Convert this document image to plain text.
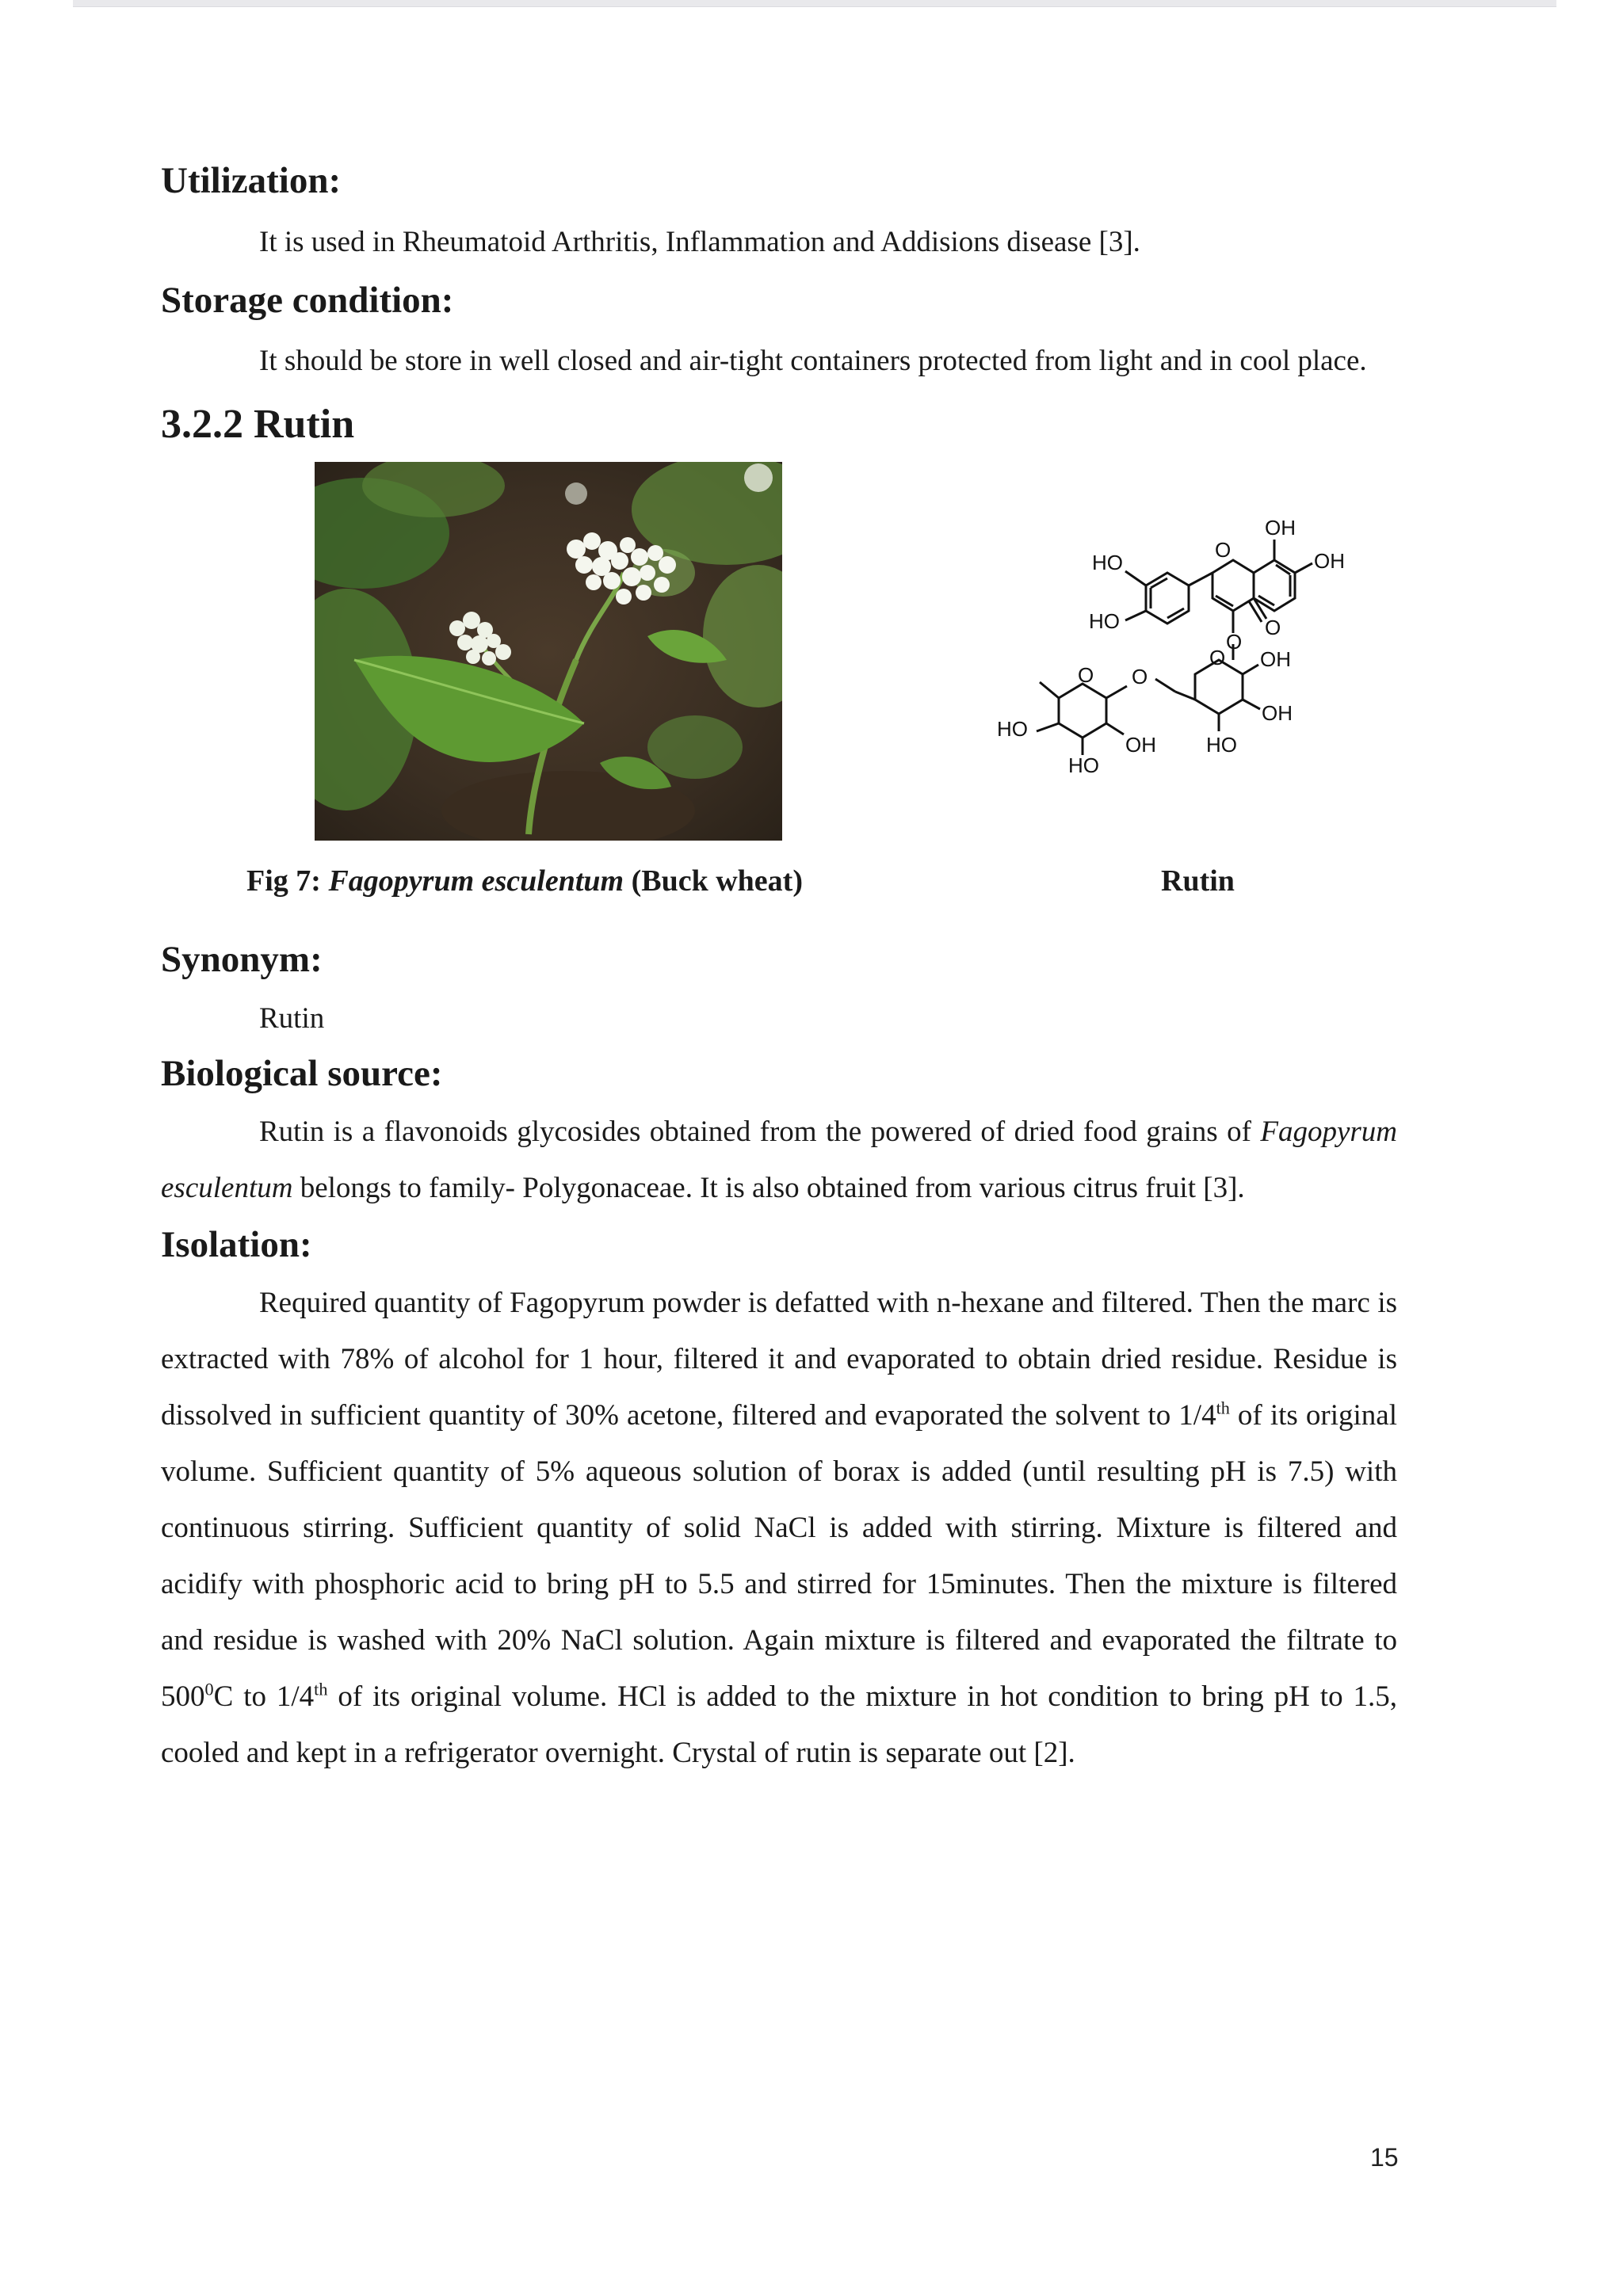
Utilization:

It is used in Rheumatoid Arthritis, Inflammation and Addisions disease [3].

Storage condition:

It should be store in well closed and air-tight containers protected from light and in cool place.

3.2.2 Rutin
OH
OH
HO
HO
O
O
O
O O
O OH
OH
HO
HO
OH HO
Fig 7: Fagopyrum esculentum (Buck wheat)	Rutin
Synonym:

Rutin

Biological source:

Rutin is a flavonoids glycosides obtained from the powered of dried food grains of Fagopyrum esculentum belongs to family- Polygonaceae. It is also obtained from various citrus fruit [3].

Isolation:

Required quantity of Fagopyrum powder is defatted with n-hexane and filtered. Then the marc is extracted with 78% of alcohol for 1 hour, filtered it and evaporated to obtain dried residue. Residue is dissolved in sufficient quantity of 30% acetone, filtered and evaporated the solvent to 1/4th of its original volume. Sufficient quantity of 5% aqueous solution of borax is added (until resulting pH is 7.5) with continuous stirring. Sufficient quantity of solid NaCl is added with stirring. Mixture is filtered and acidify with phosphoric acid to bring pH to 5.5 and stirred for 15minutes. Then the mixture is filtered and residue is washed with 20% NaCl solution. Again mixture is filtered and evaporated the filtrate to $500^0C$ to 1/4th of its original volume. HCl is added to the mixture in hot condition to bring pH to 1.5, cooled and kept in a refrigerator overnight. Crystal of rutin is separate out [2].

15
